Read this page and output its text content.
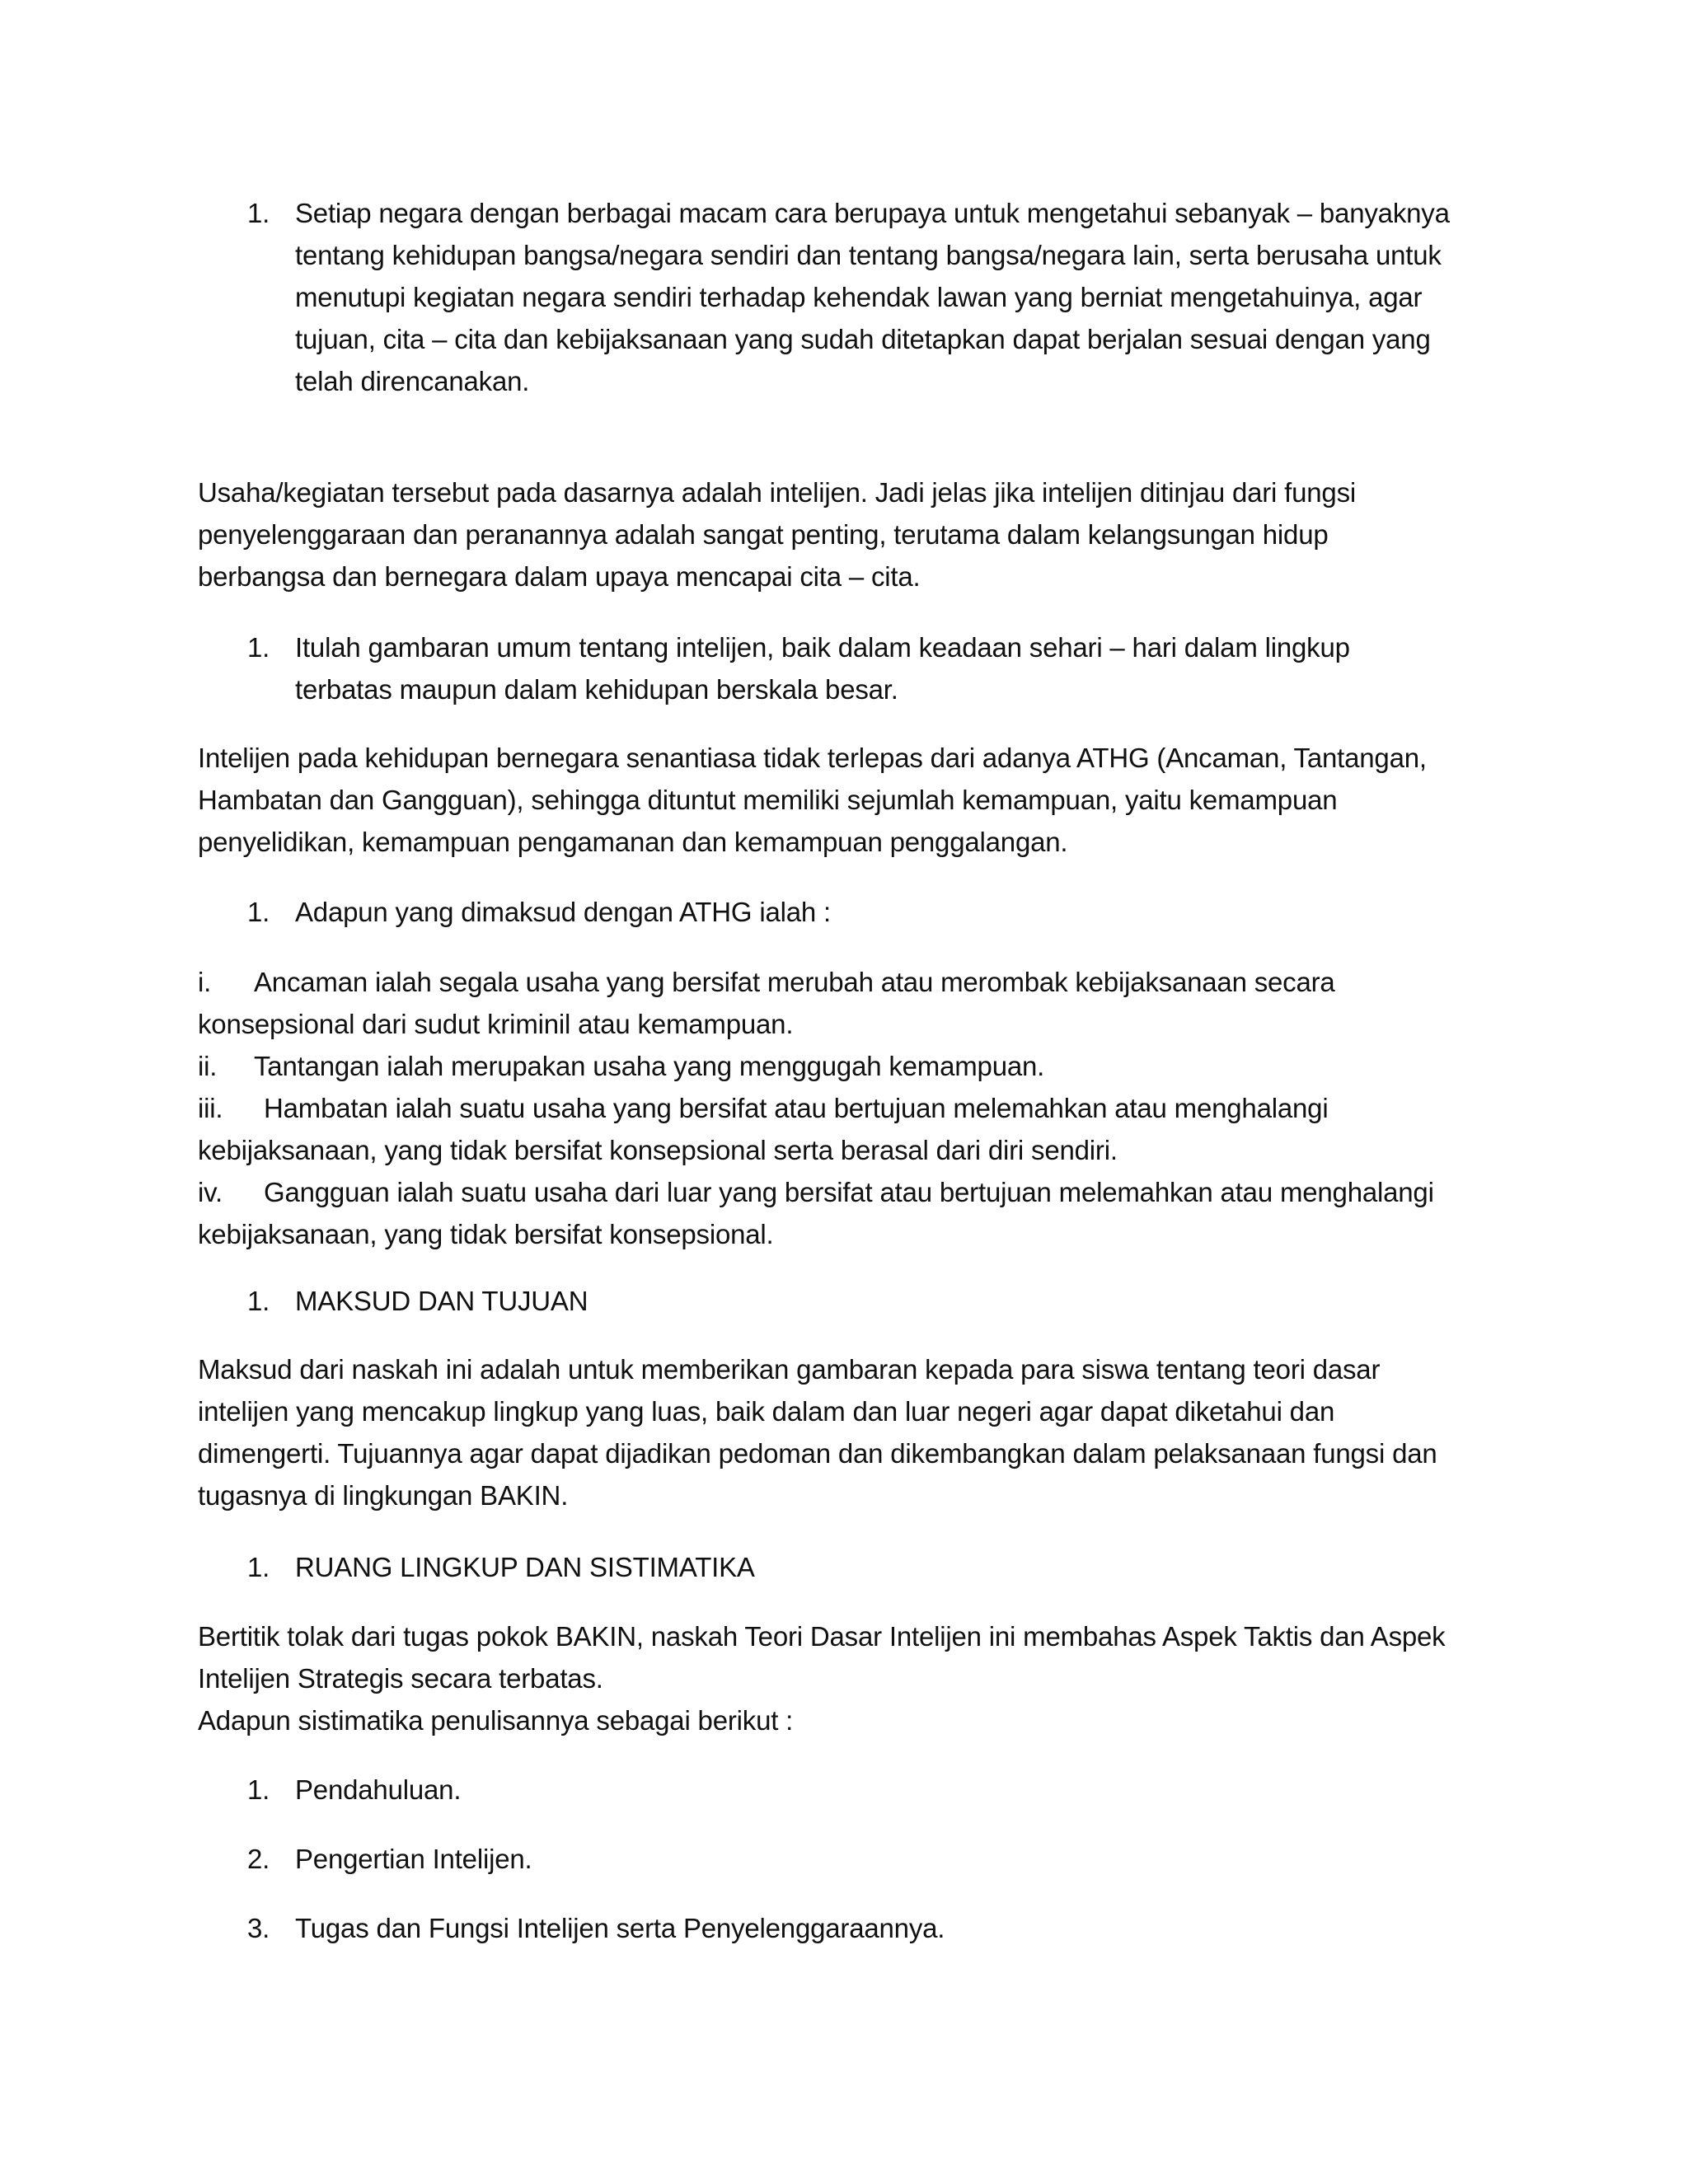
1. Setiap negara dengan berbagai macam cara berupaya untuk mengetahui sebanyak – banyaknya
tentang kehidupan bangsa/negara sendiri dan tentang bangsa/negara lain, serta berusaha untuk
menutupi kegiatan negara sendiri terhadap kehendak lawan yang berniat mengetahuinya, agar
tujuan, cita – cita dan kebijaksanaan yang sudah ditetapkan dapat berjalan sesuai dengan yang
telah direncanakan.
Usaha/kegiatan tersebut pada dasarnya adalah intelijen. Jadi jelas jika intelijen ditinjau dari fungsi
penyelenggaraan dan peranannya adalah sangat penting, terutama dalam kelangsungan hidup
berbangsa dan bernegara dalam upaya mencapai cita – cita.
1. Itulah gambaran umum tentang intelijen, baik dalam keadaan sehari – hari dalam lingkup
terbatas maupun dalam kehidupan berskala besar.
Intelijen pada kehidupan bernegara senantiasa tidak terlepas dari adanya ATHG (Ancaman, Tantangan,
Hambatan dan Gangguan), sehingga dituntut memiliki sejumlah kemampuan, yaitu kemampuan
penyelidikan, kemampuan pengamanan dan kemampuan penggalangan.
1. Adapun yang dimaksud dengan ATHG ialah :
i. Ancaman ialah segala usaha yang bersifat merubah atau merombak kebijaksanaan secara
konsepsional dari sudut kriminil atau kemampuan.
ii. Tantangan ialah merupakan usaha yang menggugah kemampuan.
iii. Hambatan ialah suatu usaha yang bersifat atau bertujuan melemahkan atau menghalangi
kebijaksanaan, yang tidak bersifat konsepsional serta berasal dari diri sendiri.
iv. Gangguan ialah suatu usaha dari luar yang bersifat atau bertujuan melemahkan atau menghalangi
kebijaksanaan, yang tidak bersifat konsepsional.
1. MAKSUD DAN TUJUAN
Maksud dari naskah ini adalah untuk memberikan gambaran kepada para siswa tentang teori dasar
intelijen yang mencakup lingkup yang luas, baik dalam dan luar negeri agar dapat diketahui dan
dimengerti. Tujuannya agar dapat dijadikan pedoman dan dikembangkan dalam pelaksanaan fungsi dan
tugasnya di lingkungan BAKIN.
1. RUANG LINGKUP DAN SISTIMATIKA
Bertitik tolak dari tugas pokok BAKIN, naskah Teori Dasar Intelijen ini membahas Aspek Taktis dan Aspek
Intelijen Strategis secara terbatas.
Adapun sistimatika penulisannya sebagai berikut :
1. Pendahuluan.
2. Pengertian Intelijen.
3. Tugas dan Fungsi Intelijen serta Penyelenggaraannya.
